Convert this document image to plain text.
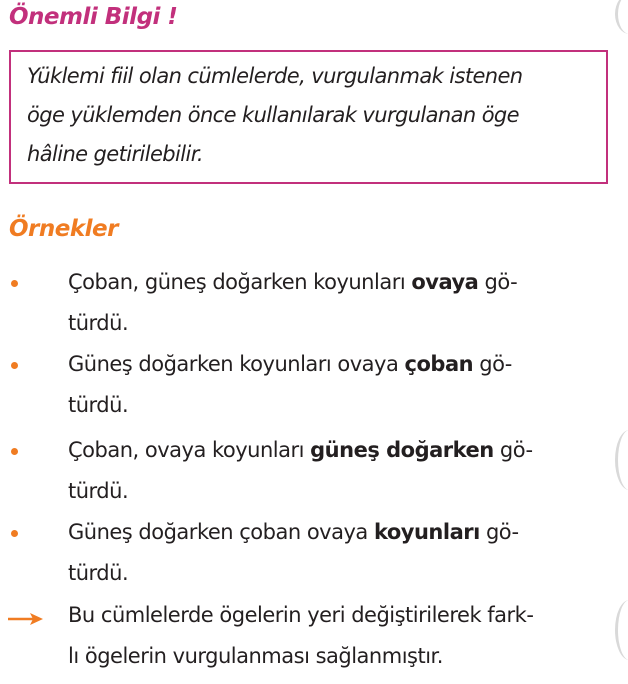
Önemli Bilgi !
Yüklemi fiil olan cümlelerde, vurgulanmak istenen
öge yüklemden önce kullanılarak vurgulanan öge
hâline getirilebilir.
Örnekler
Çoban, güneş doğarken koyunları ovaya gö-
türdü.
Güneş doğarken koyunları ovaya çoban gö-
türdü.
Çoban, ovaya koyunları güneş doğarken gö-
türdü.
Güneş doğarken çoban ovaya koyunları gö-
türdü.
Bu cümlelerde ögelerin yeri değiştirilerek fark-
lı ögelerin vurgulanması sağlanmıştır.
